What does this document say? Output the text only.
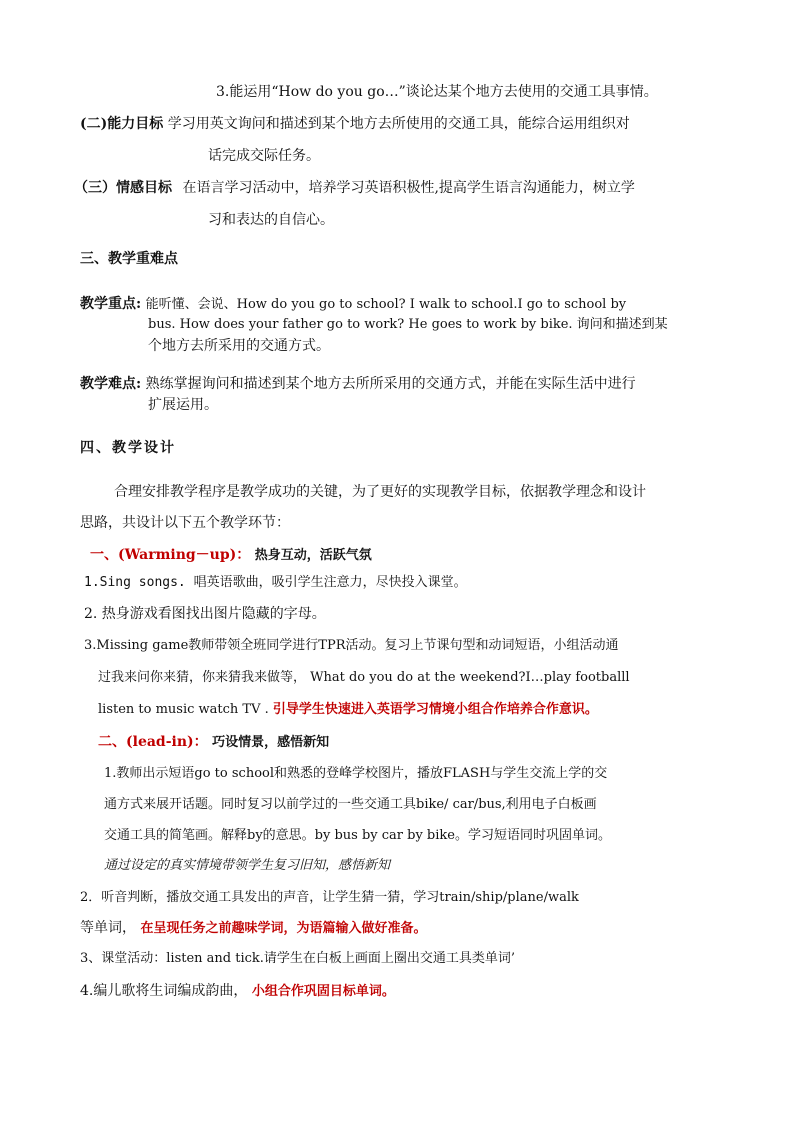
3.能运用“How do you go…”谈论达某个地方去使用的交通工具事情。
(二)能力目标 学习用英文询问和描述到某个地方去所使用的交通工具，能综合运用组织对
话完成交际任务。
（三）情感目标 在语言学习活动中，培养学习英语积极性,提高学生语言沟通能力，树立学
习和表达的自信心。
三、教学重难点
教学重点: 能听懂、会说、How do you go to school? I walk to school.I go to school by
bus. How does your father go to work? He goes to work by bike. 询问和描述到某
个地方去所采用的交通方式。
教学难点: 熟练掌握询问和描述到某个地方去所所采用的交通方式，并能在实际生活中进行
扩展运用。
四、教学设计
合理安排教学程序是教学成功的关键，为了更好的实现教学目标，依据教学理念和设计
思路，共设计以下五个教学环节：
一、(Warming－up)： 热身互动，活跃气氛
1.Sing songs. 唱英语歌曲，吸引学生注意力，尽快投入课堂。
2. 热身游戏看图找出图片隐藏的字母。
3.Missing game教师带领全班同学进行TPR活动。复习上节课句型和动词短语，小组活动通
过我来问你来猜，你来猜我来做等， What do you do at the weekend?I…play footballl
listen to music watch TV . 引导学生快速进入英语学习情境小组合作培养合作意识。
二、(lead-in)： 巧设情景，感悟新知
1.教师出示短语go to school和熟悉的登峰学校图片，播放FLASH与学生交流上学的交
通方式来展开话题。同时复习以前学过的一些交通工具bike/ car/bus,利用电子白板画
交通工具的简笔画。解释by的意思。by bus by car by bike。学习短语同时巩固单词。
通过设定的真实情境带领学生复习旧知，感悟新知
2．听音判断，播放交通工具发出的声音，让学生猜一猜，学习train/ship/plane/walk
等单词， 在呈现任务之前趣味学词，为语篇输入做好准备。
3、课堂活动：listen and tick.请学生在白板上画面上圈出交通工具类单词’
4.编儿歌将生词编成韵曲， 小组合作巩固目标单词。
